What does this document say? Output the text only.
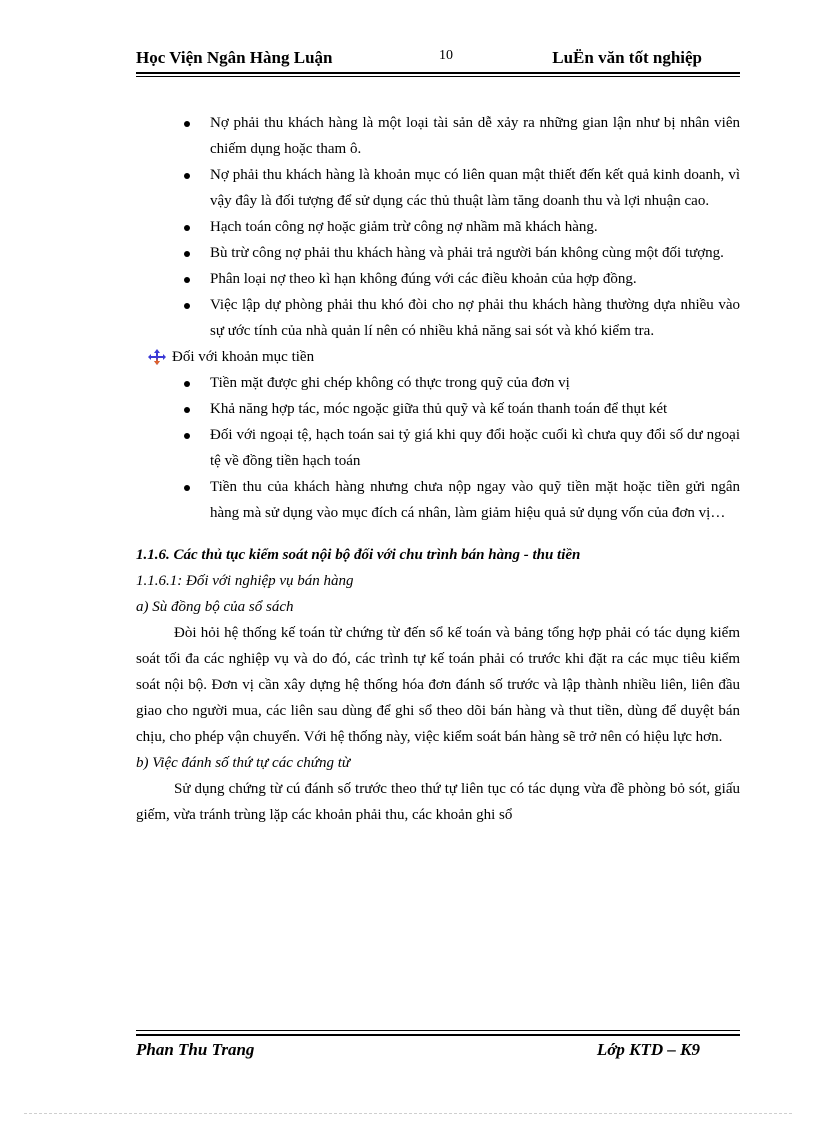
Học Viện Ngân Hàng Luận	10	LuËn văn tốt nghiệp
Nợ phải thu khách hàng là một loại tài sản dễ xảy ra những gian lận như bị nhân viên chiếm dụng hoặc tham ô.
Nợ phải thu khách hàng là khoản mục có liên quan mật thiết đến kết quả kinh doanh, vì vậy đây là đối tượng để sử dụng các thủ thuật làm tăng doanh thu và lợi nhuận cao.
Hạch toán công nợ hoặc giảm trừ công nợ nhầm mã khách hàng.
Bù trừ công nợ phải thu khách hàng và phải trả người bán không cùng một đối tượng.
Phân loại nợ theo kì hạn không đúng với các điều khoản của hợp đồng.
Việc lập dự phòng phải thu khó đòi cho nợ phải thu khách hàng thường dựa nhiều vào sự ước tính của nhà quản lí nên có nhiều khả năng sai sót và khó kiểm tra.
Đối với khoản mục tiền
Tiền mặt được ghi chép không có thực trong quỹ của đơn vị
Khả năng hợp tác, móc ngoặc giữa thủ quỹ và kế toán thanh toán để thụt két
Đối với ngoại tệ, hạch toán sai tỷ giá khi quy đổi hoặc cuối kì chưa quy đổi số dư ngoại tệ về đồng tiền hạch toán
Tiền thu của khách hàng nhưng chưa nộp ngay vào quỹ tiền mặt hoặc tiền gửi ngân hàng mà sử dụng vào mục đích cá nhân, làm giảm hiệu quả sử dụng vốn của đơn vị…
1.1.6. Các thủ tục kiểm soát nội bộ đối với chu trình bán hàng - thu tiền
1.1.6.1: Đối với nghiệp vụ bán hàng
a) Sù đồng bộ của sổ sách
Đòi hỏi hệ thống kế toán từ chứng từ đến sổ kế toán và bảng tổng hợp phải có tác dụng kiểm soát tối đa các nghiệp vụ và do đó, các trình tự kế toán phải có trước khi đặt ra các mục tiêu kiểm soát nội bộ. Đơn vị cần xây dựng hệ thống hóa đơn đánh số trước và lập thành nhiều liên, liên đầu giao cho người mua, các liên sau dùng để ghi sổ theo dõi bán hàng và thut tiền, dùng để duyệt bán chịu, cho phép vận chuyển. Với hệ thống này, việc kiểm soát bán hàng sẽ trở nên có hiệu lực hơn.
b) Việc đánh số thứ tự các chứng từ
Sử dụng chứng từ cú đánh số trước theo thứ tự liên tục có tác dụng vừa đề phòng bỏ sót, giấu giếm, vừa tránh trùng lặp các khoản phải thu, các khoản ghi sổ
Phan Thu Trang	Lớp KTD – K9
